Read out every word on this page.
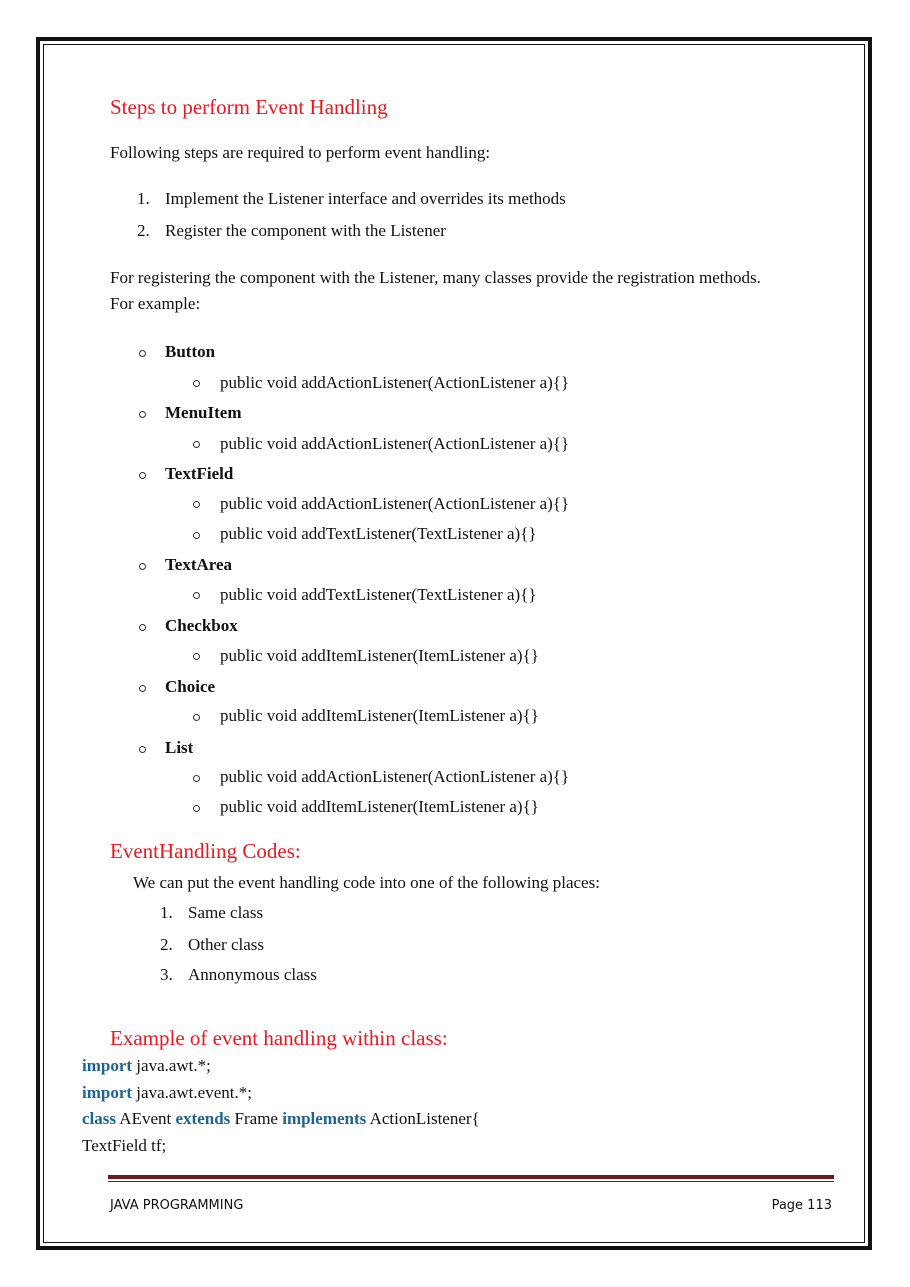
Steps to perform Event Handling
Following steps are required to perform event handling:
1. Implement the Listener interface and overrides its methods
2. Register the component with the Listener
For registering the component with the Listener, many classes provide the registration methods.
For example:
Button
public void addActionListener(ActionListener a){}
MenuItem
public void addActionListener(ActionListener a){}
TextField
public void addActionListener(ActionListener a){}
public void addTextListener(TextListener a){}
TextArea
public void addTextListener(TextListener a){}
Checkbox
public void addItemListener(ItemListener a){}
Choice
public void addItemListener(ItemListener a){}
List
public void addActionListener(ActionListener a){}
public void addItemListener(ItemListener a){}
EventHandling Codes:
We can put the event handling code into one of the following places:
1. Same class
2. Other class
3. Annonymous class
Example of event handling within class:
import java.awt.*;
import java.awt.event.*;
class AEvent extends Frame implements ActionListener{
TextField tf;
JAVA PROGRAMMING	Page 113
